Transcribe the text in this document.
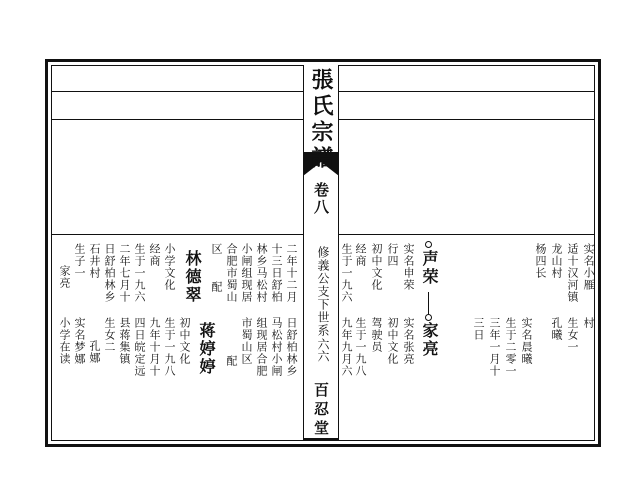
張氏宗譜
卷八
修義公支下世系
六六
百忍堂
实名小雁
适十汉河镇
龙山村
杨四长
村
生女一
孔曦
实名晨曦
生于二零一
三年一月十
三日
声荣
家亮
实名申荣
行四
初中文化
经商
生于一九六
实名张亮
初中文化
驾驶员
生于一九八
九年九月六
日舒柏林乡
马松村小闸
组现居合肥
市蜀山区
配
二年十二月
十三日舒柏
林乡马松村
小闸组现居
合肥市蜀山
区
配
蒋婷婷
初中文化
生于一九八
九年十月十
四日皖定远
县蒋集镇
生女二
孔娜
实名梦娜
小学在读
林德翠
小学文化
经商
生于一九六
二年七月十
日舒柏林乡
石井村
生子一
家亮
